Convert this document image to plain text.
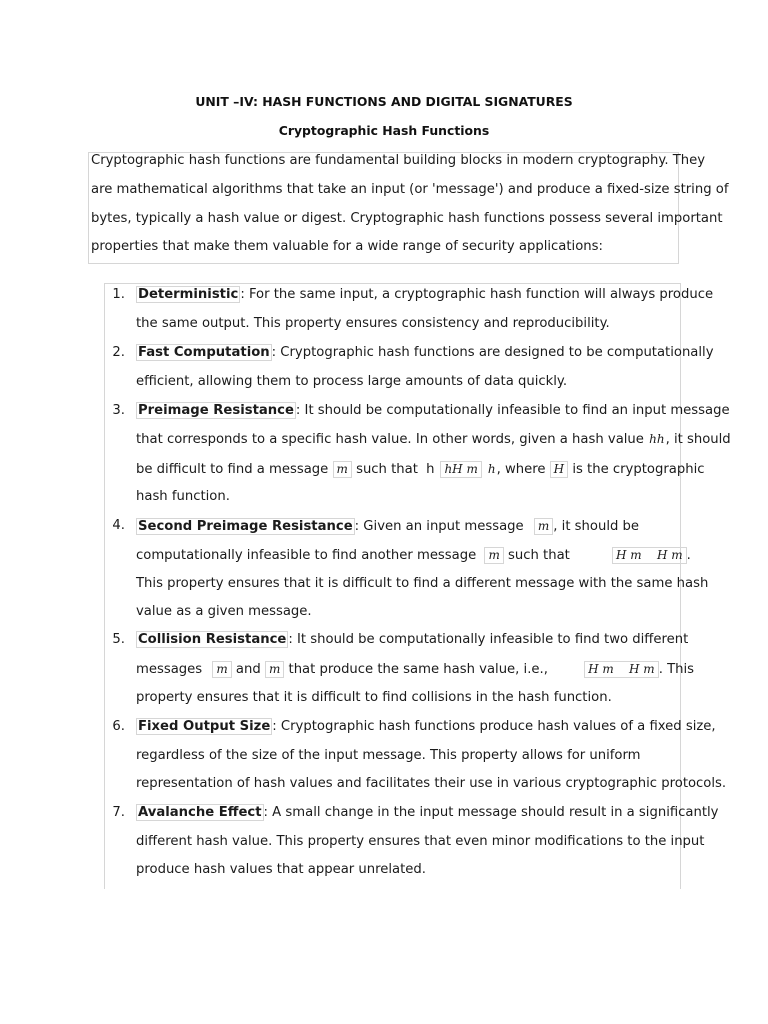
UNIT –IV: HASH FUNCTIONS AND DIGITAL SIGNATURES
Cryptographic Hash Functions
Cryptographic hash functions are fundamental building blocks in modern cryptography. They
are mathematical algorithms that take an input (or 'message') and produce a fixed-size string of
bytes, typically a hash value or digest. Cryptographic hash functions possess several important
properties that make them valuable for a wide range of security applications:
1. Deterministic : For the same input, a cryptographic hash function will always produce
the same output. This property ensures consistency and reproducibility.
2. Fast Computation : Cryptographic hash functions are designed to be computationally
efficient, allowing them to process large amounts of data quickly.
3. Preimage Resistance : It should be computationally infeasible to find an input message
that corresponds to a specific hash value. In other words, given a hash value hh, it should
be difficult to find a message m such that h hH m h, where H is the cryptographic
hash function.
4. Second Preimage Resistance : Given an input message m , it should be
computationally infeasible to find another message m such that	H m    H m .
This property ensures that it is difficult to find a different message with the same hash
value as a given message.
5. Collision Resistance : It should be computationally infeasible to find two different
messages m and m that produce the same hash value, i.e.,	H m    H m . This
property ensures that it is difficult to find collisions in the hash function.
6. Fixed Output Size : Cryptographic hash functions produce hash values of a fixed size,
regardless of the size of the input message. This property allows for uniform
representation of hash values and facilitates their use in various cryptographic protocols.
7. Avalanche Effect : A small change in the input message should result in a significantly
different hash value. This property ensures that even minor modifications to the input
produce hash values that appear unrelated.
